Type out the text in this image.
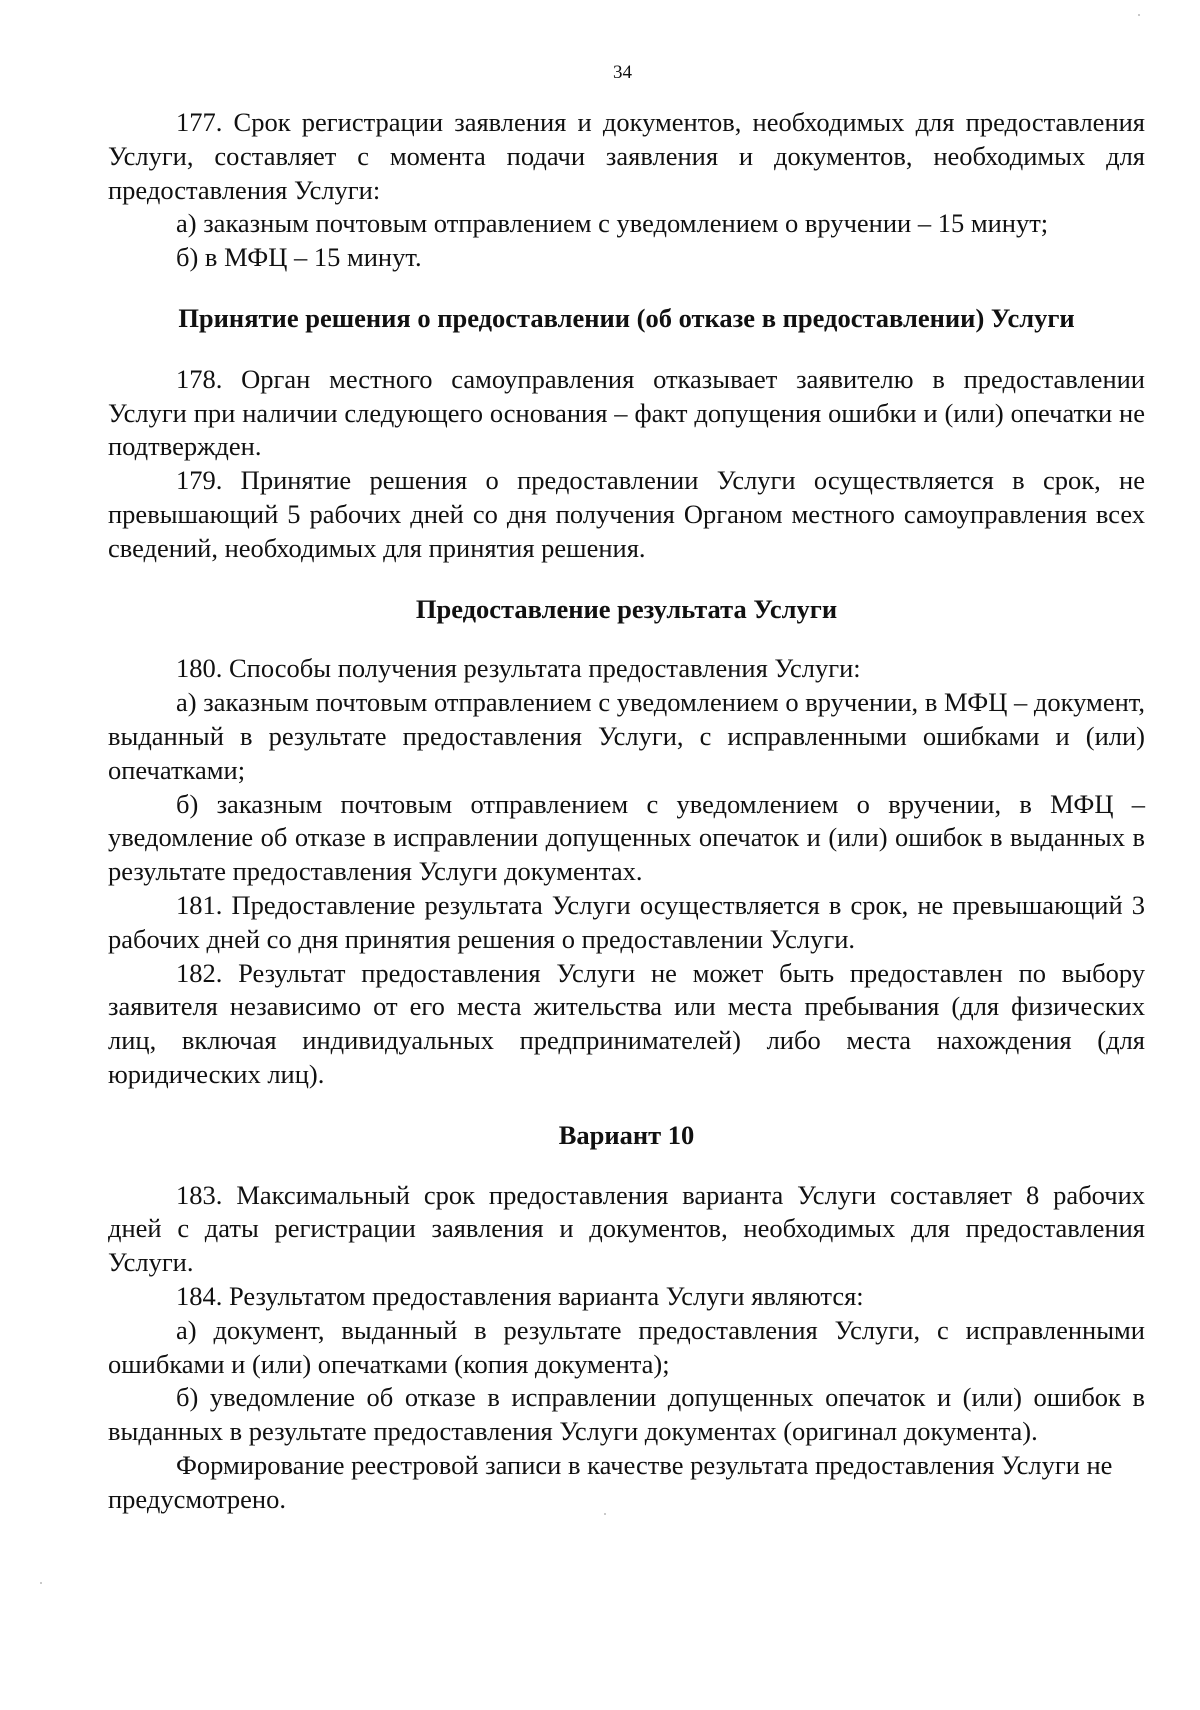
34

177. Срок регистрации заявления и документов, необходимых для предоставления Услуги, составляет с момента подачи заявления и документов, необходимых для предоставления Услуги:

а) заказным почтовым отправлением с уведомлением о вручении – 15 минут;

б) в МФЦ – 15 минут.

Принятие решения о предоставлении (об отказе в предоставлении) Услуги

178. Орган местного самоуправления отказывает заявителю в предоставлении Услуги при наличии следующего основания – факт допущения ошибки и (или) опечатки не подтвержден.

179. Принятие решения о предоставлении Услуги осуществляется в срок, не превышающий 5 рабочих дней со дня получения Органом местного самоуправления всех сведений, необходимых для принятия решения.

Предоставление результата Услуги

180. Способы получения результата предоставления Услуги:

а) заказным почтовым отправлением с уведомлением о вручении, в МФЦ – документ, выданный в результате предоставления Услуги, с исправленными ошибками и (или) опечатками;

б) заказным почтовым отправлением с уведомлением о вручении, в МФЦ – уведомление об отказе в исправлении допущенных опечаток и (или) ошибок в выданных в результате предоставления Услуги документах.

181. Предоставление результата Услуги осуществляется в срок, не превышающий 3 рабочих дней со дня принятия решения о предоставлении Услуги.

182. Результат предоставления Услуги не может быть предоставлен по выбору заявителя независимо от его места жительства или места пребывания (для физических лиц, включая индивидуальных предпринимателей) либо места нахождения (для юридических лиц).

Вариант 10

183. Максимальный срок предоставления варианта Услуги составляет 8 рабочих дней с даты регистрации заявления и документов, необходимых для предоставления Услуги.

184. Результатом предоставления варианта Услуги являются:

а) документ, выданный в результате предоставления Услуги, с исправленными ошибками и (или) опечатками (копия документа);

б) уведомление об отказе в исправлении допущенных опечаток и (или) ошибок в выданных в результате предоставления Услуги документах (оригинал документа).

Формирование реестровой записи в качестве результата предоставления Услуги не предусмотрено.
